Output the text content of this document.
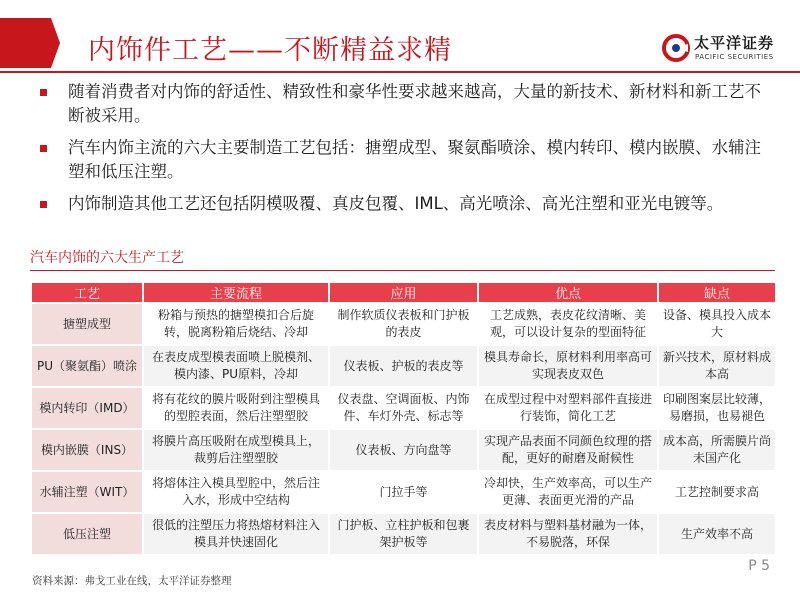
内饰件工艺——不断精益求精	太平洋证券
PACIFIC SECURITIES
随着消费者对内饰的舒适性、精致性和豪华性要求越来越高，大量的新技术、新材料和新工艺不断被采用。
汽车内饰主流的六大主要制造工艺包括：搪塑成型、聚氨酯喷涂、模内转印、模内嵌膜、水辅注塑和低压注塑。
内饰制造其他工艺还包括阴模吸覆、真皮包覆、IML、高光喷涂、高光注塑和亚光电镀等。
汽车内饰的六大生产工艺
工艺	主要流程	应用	优点	缺点
搪塑成型	粉箱与预热的搪塑模扣合后旋转，脱离粉箱后烧结、冷却	制作软质仪表板和门护板的表皮	工艺成熟，表皮花纹清晰、美观，可以设计复杂的型面特征	设备、模具投入成本大
PU（聚氨酯）喷涂	在表皮成型模表面喷上脱模剂、模内漆、PU原料，冷却	仪表板、护板的表皮等	模具寿命长，原材料利用率高可实现表皮双色	新兴技术，原材料成本高
模内转印（IMD）	将有花纹的膜片吸附到注塑模具的型腔表面，然后注塑塑胶	仪表盘、空调面板、内饰件、车灯外壳、标志等	在成型过程中对塑料部件直接进行装饰，简化工艺	印刷图案层比较薄，易磨损，也易褪色
模内嵌膜（INS）	将膜片高压吸附在成型模具上，裁剪后注塑塑胶	仪表板、方向盘等	实现产品表面不同颜色纹理的搭配，更好的耐磨及耐候性	成本高，所需膜片尚未国产化
水辅注塑（WIT）	将熔体注入模具型腔中，然后注入水，形成中空结构	门拉手等	冷却快，生产效率高，可以生产更薄、表面更光滑的产品	工艺控制要求高
低压注塑	很低的注塑压力将热熔材料注入模具并快速固化	门护板、立柱护板和包裹架护板等	表皮材料与塑料基材融为一体，不易脱落，环保	生产效率不高

资料来源：弗戈工业在线，太平洋证券整理

P 5
